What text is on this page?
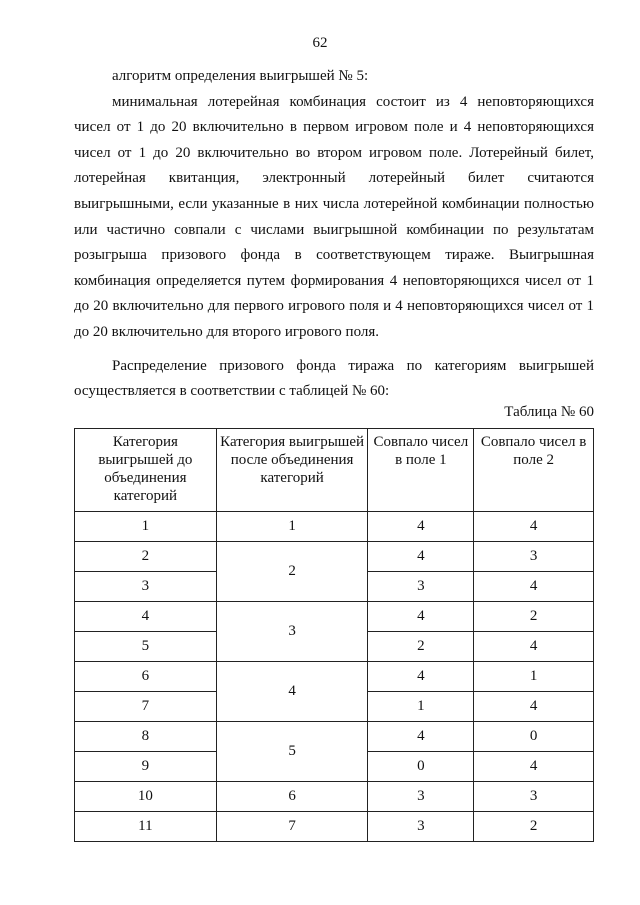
62

алгоритм определения выигрышей № 5:

минимальная лотерейная комбинация состоит из 4 неповторяющихся чисел от 1 до 20 включительно в первом игровом поле и 4 неповторяющихся чисел от 1 до 20 включительно во втором игровом поле. Лотерейный билет, лотерейная квитанция, электронный лотерейный билет считаются выигрышными, если указанные в них числа лотерейной комбинации полностью или частично совпали с числами выигрышной комбинации по результатам розыгрыша призового фонда в соответствующем тираже. Выигрышная комбинация определяется путем формирования 4 неповторяющихся чисел от 1 до 20 включительно для первого игрового поля и 4 неповторяющихся чисел от 1 до 20 включительно для второго игрового поля.

Распределение призового фонда тиража по категориям выигрышей осуществляется в соответствии с таблицей № 60:

Таблица № 60
Категория выигрышей до объединения категорий	Категория выигрышей после объединения категорий	Совпало чисел в поле 1	Совпало чисел в поле 2
1	1	4	4
2	2	4	3
3		3	4
4	3	4	2
5		2	4
6	4	4	1
7		1	4
8	5	4	0
9		0	4
10	6	3	3
11	7	3	2
